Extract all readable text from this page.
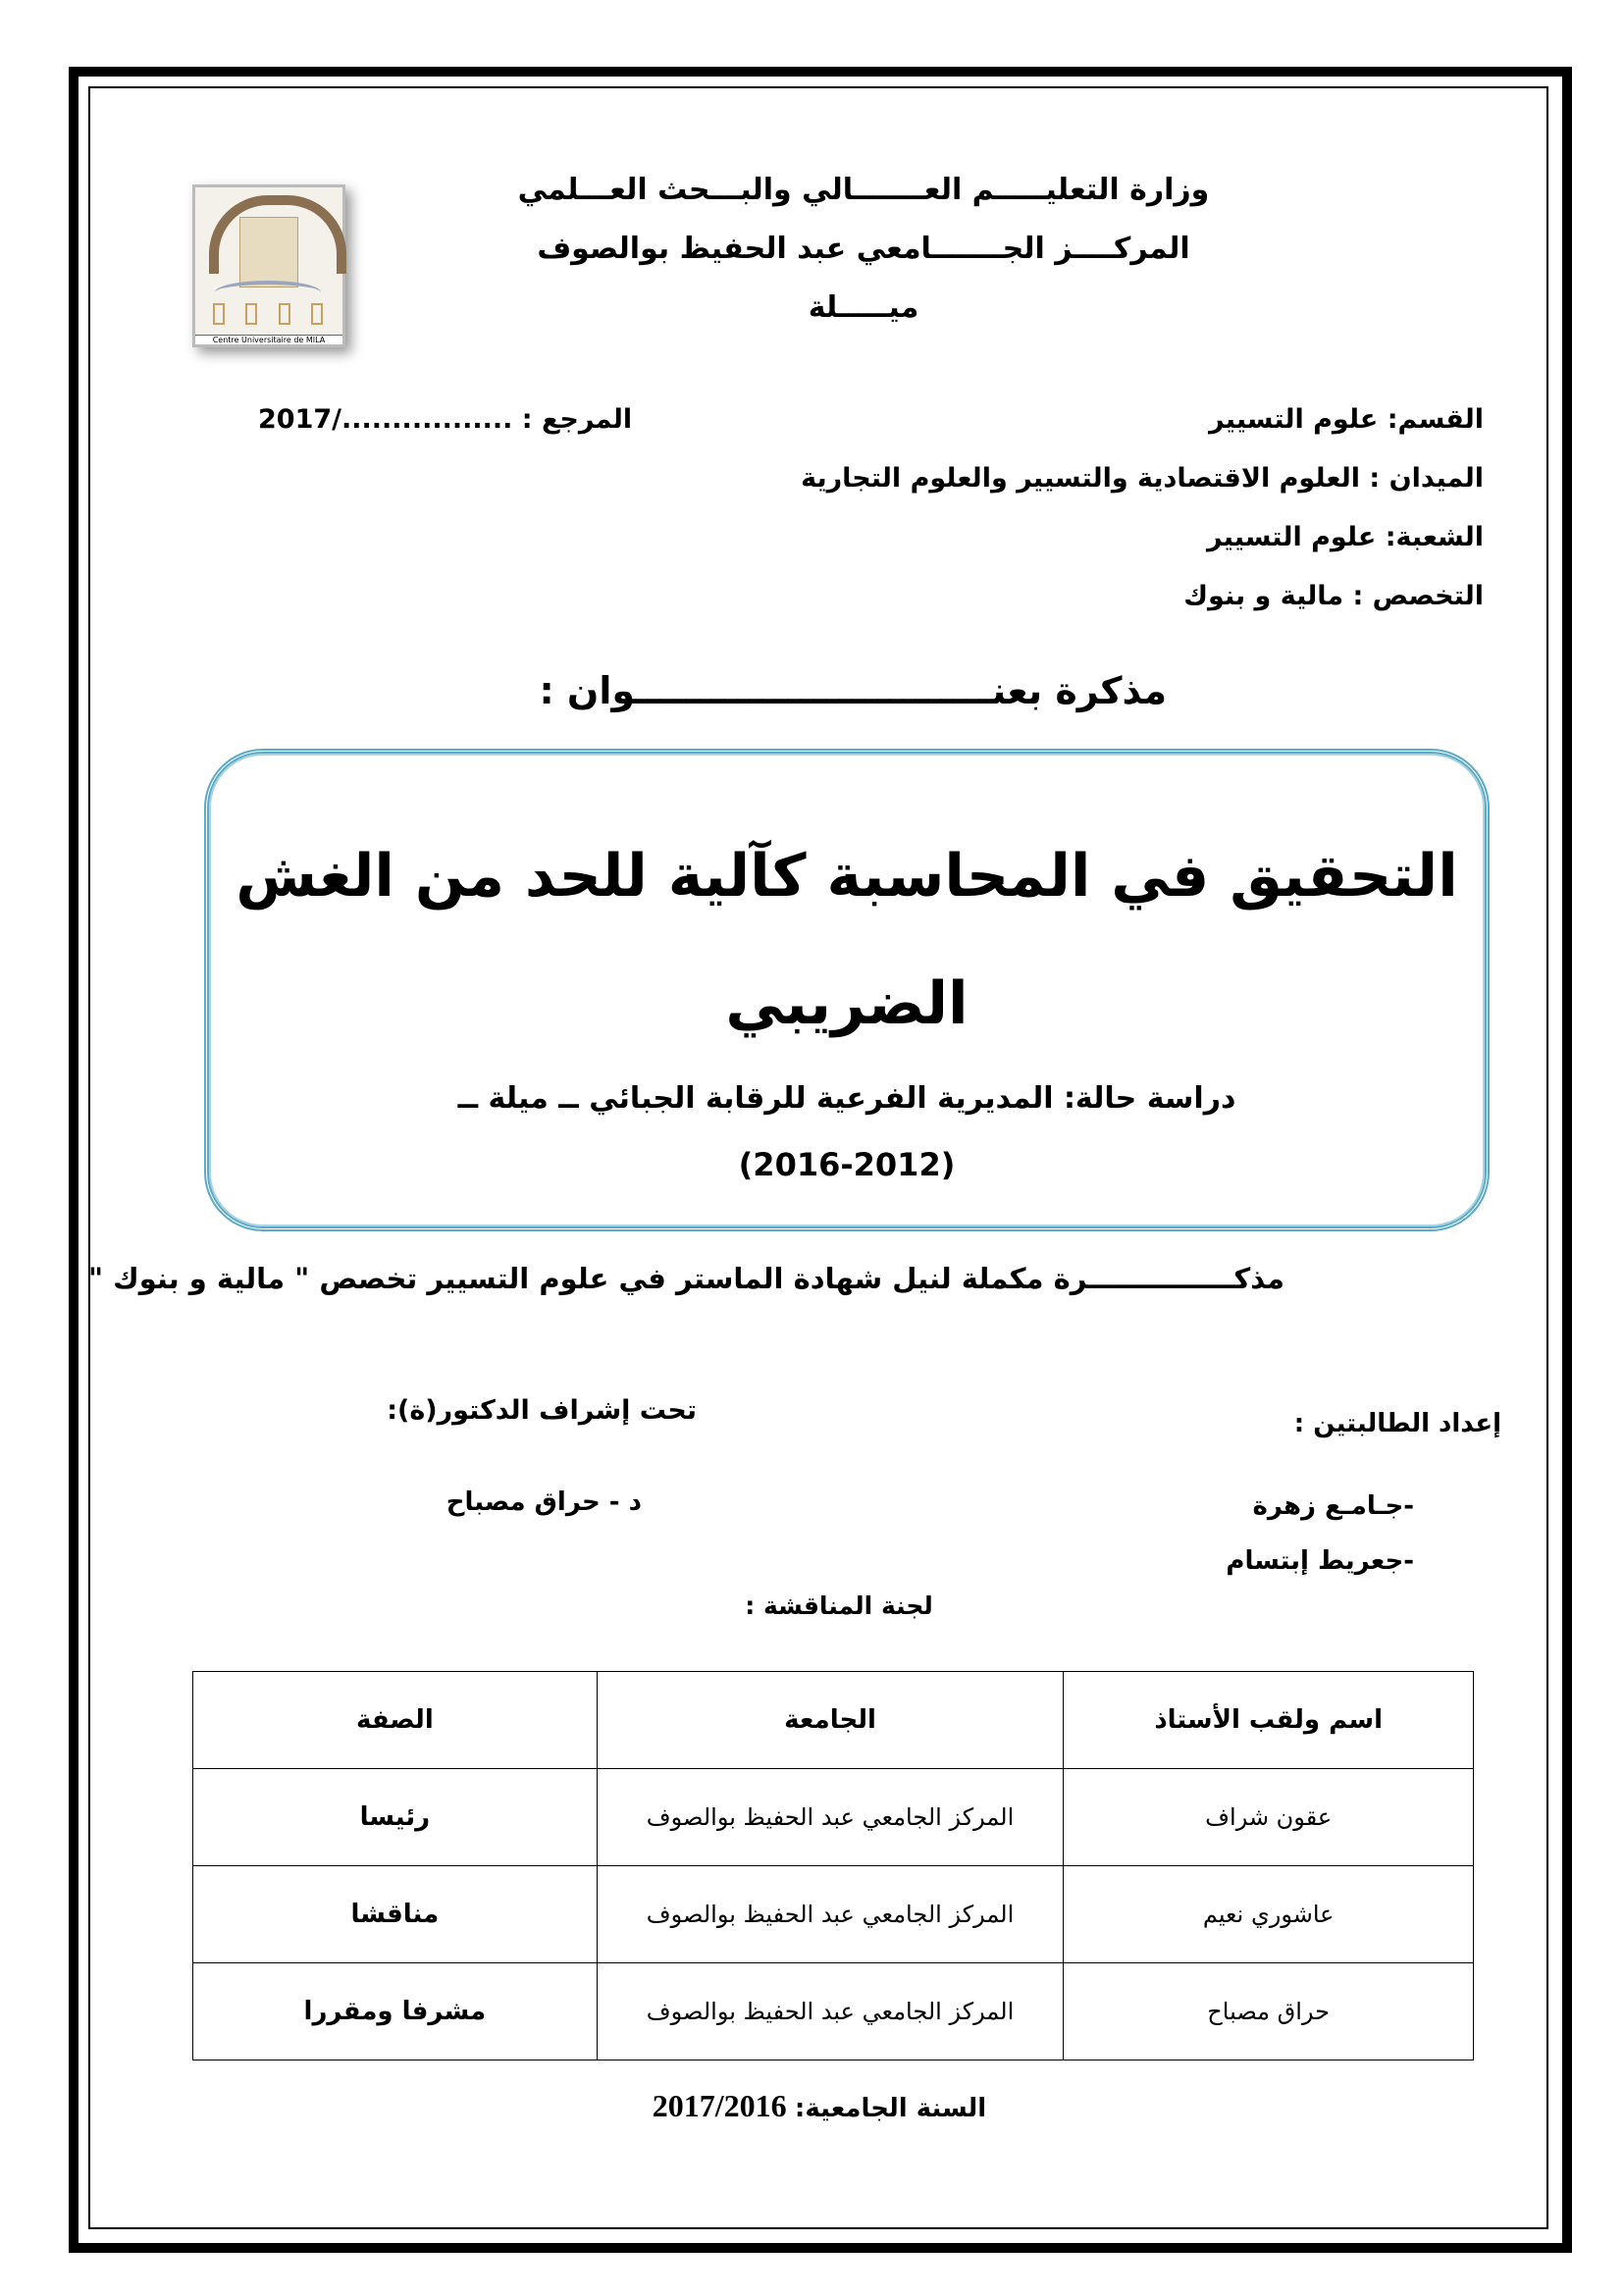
Centre Universitaire de MILA
وزارة التعليـــــم العـــــــالي والبـــحث العـــلمي
المركــــز الجـــــــامعي عبد الحفيظ بوالصوف
ميـــــلة
القسم: علوم التسيير
الميدان : العلوم الاقتصادية والتسيير والعلوم التجارية
الشعبة: علوم التسيير
التخصص : مالية و بنوك
المرجع : ................./2017
مذكرة بعنــــــــــــــــــــــــــــوان :
التحقيق في المحاسبة كآلية للحد من الغش
الضريبي
دراسة حالة: المديرية الفرعية للرقابة الجبائي ــ ميلة ــ
(2016-2012)
مذكـــــــــــــــرة مكملة لنيل شهادة الماستر في علوم التسيير تخصص " مالية و بنوك "
تحت إشراف الدكتور(ة):	إعداد الطالبتين :
د - حراق مصباح	-جـامـع زهرة
-جعريط إبتسام
لجنة المناقشة :
اسم ولقب الأستاذ	الجامعة	الصفة
عقون شراف	المركز الجامعي عبد الحفيظ بوالصوف	رئيسا
عاشوري نعيم	المركز الجامعي عبد الحفيظ بوالصوف	مناقشا
حراق مصباح	المركز الجامعي عبد الحفيظ بوالصوف	مشرفا ومقررا
السنة الجامعية: 2017/2016
